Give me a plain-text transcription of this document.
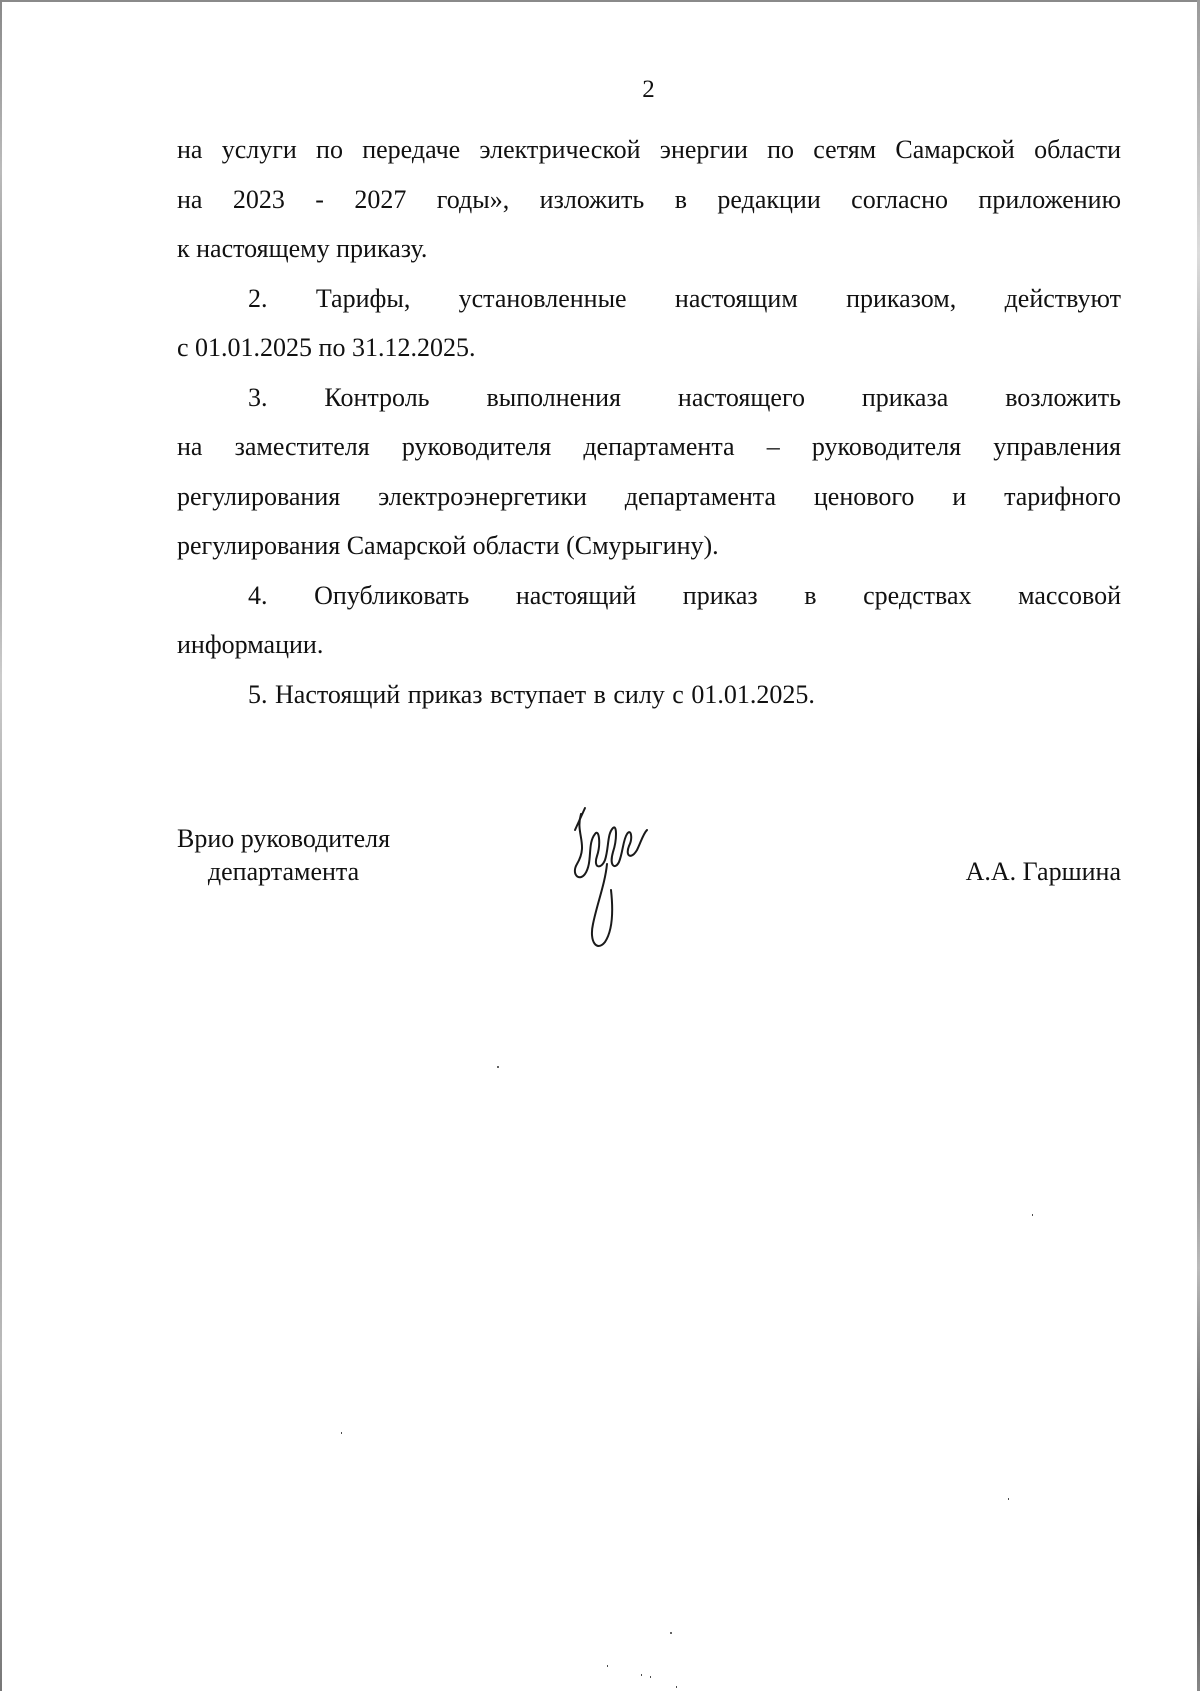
2

на услуги по передаче электрической энергии по сетям Самарской области

на 2023 - 2027 годы», изложить в редакции согласно приложению

к настоящему приказу.

2. Тарифы, установленные настоящим приказом, действуют

с 01.01.2025 по 31.12.2025.

3. Контроль выполнения настоящего приказа возложить

на заместителя руководителя департамента – руководителя управления

регулирования электроэнергетики департамента ценового и тарифного

регулирования Самарской области (Смурыгину).

4. Опубликовать настоящий приказ в средствах массовой

информации.

5. Настоящий приказ вступает в силу с 01.01.2025.

Врио руководителя
департамента	А.А. Гаршина
